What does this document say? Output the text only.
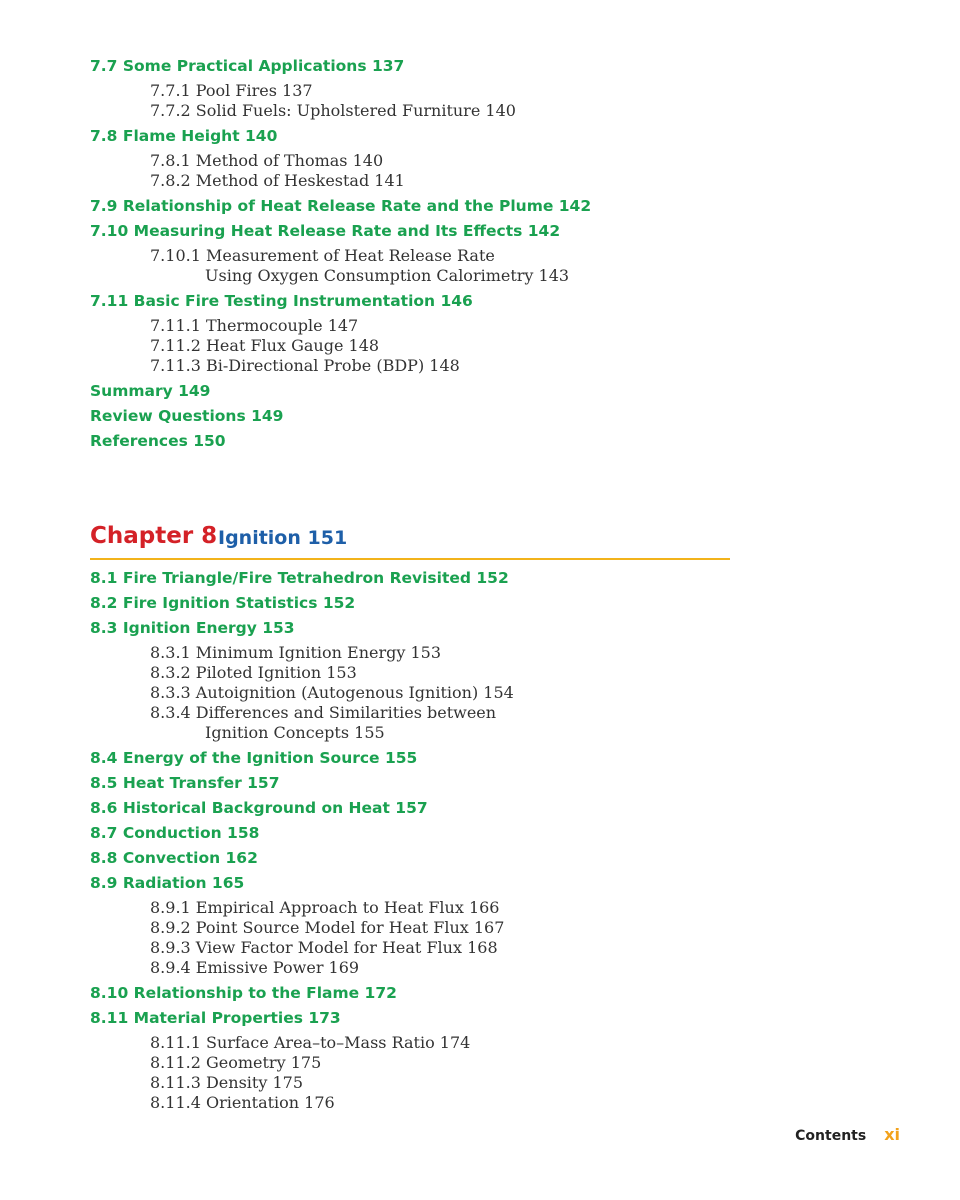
7.7 Some Practical Applications 137
7.7.1 Pool Fires 137
7.7.2 Solid Fuels: Upholstered Furniture 140
7.8 Flame Height 140
7.8.1 Method of Thomas 140
7.8.2 Method of Heskestad 141
7.9 Relationship of Heat Release Rate and the Plume 142
7.10 Measuring Heat Release Rate and Its Effects 142
7.10.1 Measurement of Heat Release Rate
Using Oxygen Consumption Calorimetry 143
7.11 Basic Fire Testing Instrumentation 146
7.11.1 Thermocouple 147
7.11.2 Heat Flux Gauge 148
7.11.3 Bi-Directional Probe (BDP) 148
Summary 149
Review Questions 149
References 150
Chapter 8 Ignition 151
8.1 Fire Triangle/Fire Tetrahedron Revisited 152
8.2 Fire Ignition Statistics 152
8.3 Ignition Energy 153
8.3.1 Minimum Ignition Energy 153
8.3.2 Piloted Ignition 153
8.3.3 Autoignition (Autogenous Ignition) 154
8.3.4 Differences and Similarities between
Ignition Concepts 155
8.4 Energy of the Ignition Source 155
8.5 Heat Transfer 157
8.6 Historical Background on Heat 157
8.7 Conduction 158
8.8 Convection 162
8.9 Radiation 165
8.9.1 Empirical Approach to Heat Flux 166
8.9.2 Point Source Model for Heat Flux 167
8.9.3 View Factor Model for Heat Flux 168
8.9.4 Emissive Power 169
8.10 Relationship to the Flame 172
8.11 Material Properties 173
8.11.1 Surface Area–to–Mass Ratio 174
8.11.2 Geometry 175
8.11.3 Density 175
8.11.4 Orientation 176
Contents xi
